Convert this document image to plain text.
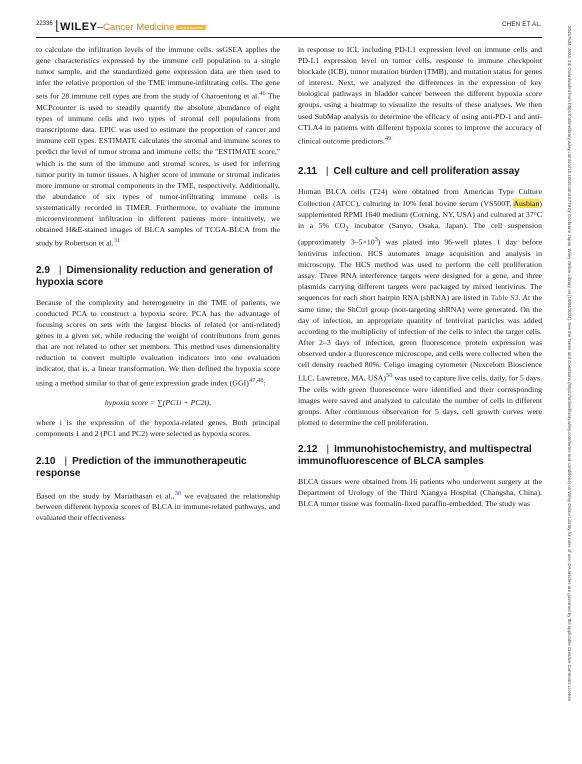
22336 ⌊WILEY–Cancer Medicine Open Access	CHEN ET AL.

to calculate the infiltration levels of the immune cells. ssGSEA applies the gene characteristics expressed by the immune cell population to a single tumor sample, and the standardized gene expression data are then used to infer the relative proportion of the TME immune-infiltrating cells. The gene sets for 28 immune cell types are from the study of Charoentong et al.$^{46}$ The MCPcounter is used to steadily quantify the absolute abundance of eight types of immune cells and two types of stromal cell populations from transcriptome data. EPIC was used to estimate the proportion of cancer and immune cell types. ESTIMATE calculates the stromal and immune scores to predict the level of tumor stroma and immune cells; the "ESTIMATE score," which is the sum of the immune and stromal scores, is used for inferring tumor purity in tumor tissues. A higher score of immune or stromal indicates more immune or stromal components in the TME, respectively. Additionally, the abundance of six types of tumor-infiltrating immune cells is systematically recorded in TIMER. Furthermore, to evaluate the immune microenvironment infiltration in different patients more intuitively, we obtained H&E-stained images of BLCA samples of TCGA-BLCA from the study by Robertson et al.$^{31}$

2.9 | Dimensionality reduction and generation of hypoxia score

Because of the complexity and heterogeneity in the TME of patients, we conducted PCA to construct a hypoxia score. PCA has the advantage of focusing scores on sets with the largest blocks of related (or anti-related) genes in a given set, while reducing the weight of contributions from genes that are not related to other set members. This method uses dimensionality reduction to convert multiple evaluation indicators into one evaluation indicator, that is, a linear transformation. We then defined the hypoxia score using a method similar to that of gene expression grade index (GGI)$^{47,48}$:

hypoxia score = ∑(PC1i + PC2i),

where i is the expression of the hypoxia-related genes. Both principal components 1 and 2 (PC1 and PC2) were selected as hypoxia scores.

2.10 | Prediction of the immunotherapeutic response

Based on the study by Mariathasan et al.,$^{30}$ we evaluated the relationship between different hypoxia scores of BLCA in immune-related pathways, and evaluated their effectiveness

in response to ICI, including PD-L1 expression level on immune cells and PD-L1 expression level on tumor cells, response to immune checkpoint blockade (ICB), tumor mutation burden (TMB), and mutation status for genes of interest. Next, we analyzed the differences in the expression of key biological pathways in bladder cancer between the different hypoxia score groups, using a heatmap to visualize the results of these analyses. We then used SubMap analysis to determine the efficacy of using anti-PD-1 and anti-CTLA4 in patients with different hypoxia scores to improve the accuracy of clinical outcome predictors.$^{49}$

2.11 | Cell culture and cell proliferation assay

Human BLCA cells (T24) were obtained from American Type Culture Collection (ATCC), culturing in 10% fetal bovine serum (VS500T, Ausbian) supplemented RPMI 1640 medium (Corning, NY, USA) and cultured at 37°C in a 5% $CO_2$ incubator (Sanyo, Osaka, Japan). The cell suspension (approximately $3-5\times 10^3$) was plated into 96-well plates 1 day before lentivirus infection. HCS automates image acquisition and analysis in microscopy. The HCS method was used to perform the cell proliferation assay. Three RNA interference targets were designed for a gene, and three plasmids carrying different targets were packaged by mixed lentivirus. The sequences for each short hairpin RNA (shRNA) are listed in Table S3. At the same time, the ShCtrl group (non-targeting shRNA) were generated. On the day of infection, an appropriate quantity of lentiviral particles was added according to the multiplicity of infection of the cells to infect the target cells. After 2–3 days of infection, green fluorescence protein expression was observed under a fluorescence microscope, and cells were collected when the cell density reached 80%. Celigo imaging cytometer (Nexcelom Bioscience LLC, Lawrence, MA, USA)$^{50}$ was used to capture live cells, daily, for 5 days. The cells with green fluorescence were identified and their corresponding images were saved and analyzed to calculate the number of cells in different groups. After continuous observation for 5 days, cell growth curves were plotted to determine the cell proliferation.

2.12 | Immunohistochemistry, and multispectral immunofluorescence of BLCA samples

BLCA tissues were obtained from 16 patients who underwent surgery at the Department of Urology of the Third Xiangya Hospital (Changsha, China). BLCA tumor tissue was formalin-fixed paraffin-embedded. The study was	20457634, 2023, 24, Downloaded from https://onlinelibrary.wiley.com/doi/10.1002/cam4.6779 by Cochrane Japan, Wiley Online Library on [19/04/2024]. See the Terms and Conditions (https://onlinelibrary.wiley.com/terms-and-conditions) on Wiley Online Library for rules of use; OA articles are governed by the applicable Creative Commons License
